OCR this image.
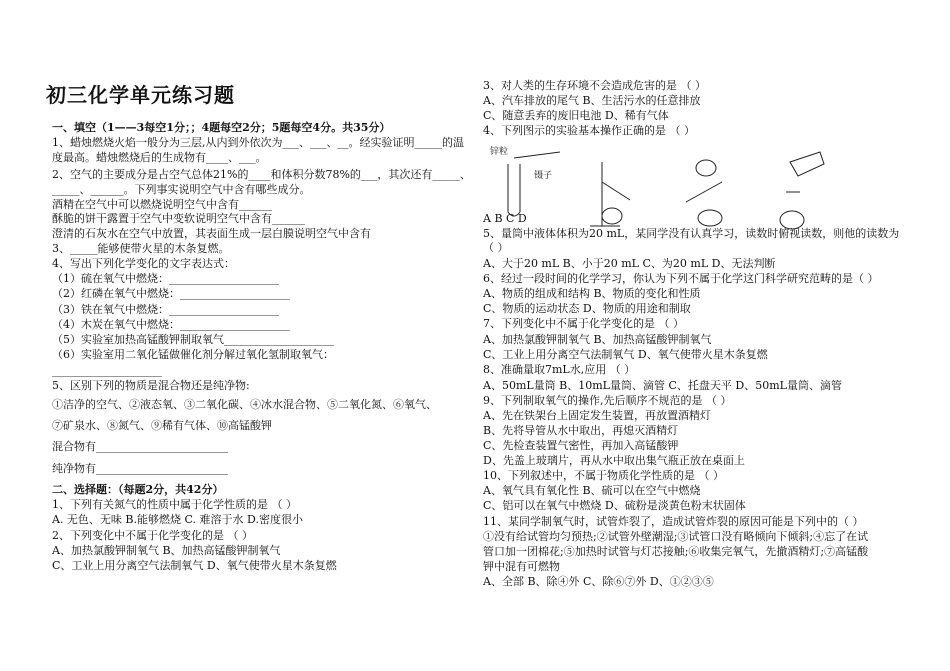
初三化学单元练习题
一、填空（1——3每空1分；；4题每空2分；5题每空4分。共35分）
1、蜡烛燃烧火焰一般分为三层,从内到外依次为___、___、__。经实验证明_____的温
度最高。蜡烛燃烧后的生成物有____、___。
2、空气的主要成分是占空气总体21%的____和体积分数78%的___，其次还有_____、
_____、______。下列事实说明空气中含有哪些成分。
酒精在空气中可以燃烧说明空气中含有______
酥脆的饼干露置于空气中变软说明空气中含有______
澄清的石灰水在空气中放置，其表面生成一层白膜说明空气中含有
3、_____能够使带火星的木条复燃。
4、写出下列化学变化的文字表达式：
（1）硫在氧气中燃烧：____________________
（2）红磷在氧气中燃烧：____________________
（3）铁在氧气中燃烧：____________________
（4）木炭在氧气中燃烧：____________________
（5）实验室加热高锰酸钾制取氧气____________________
（6）实验室用二氧化锰做催化剂分解过氧化氢制取氧气：
____________________
5、区别下列的物质是混合物还是纯净物:
①洁净的空气、②液态氧、③二氧化碳、④冰水混合物、⑤二氧化氮、⑥氧气、
⑦矿泉水、⑧氮气、⑨稀有气体、⑩高锰酸钾
混合物有________________________
纯净物有________________________
二、选择题：（每题2分，共42分）
1、下列有关氮气的性质中属于化学性质的是 （ ）
A. 无色、无味 B.能够燃烧 C. 难溶于水 D.密度很小
2、下列变化中不属于化学变化的是 （ ）
A、加热氯酸钾制氧气 B、加热高锰酸钾制氧气
C、工业上用分离空气法制氧气 D、氧气使带火星木条复燃
3、对人类的生存环境不会造成危害的是 （ ）
A、汽车排放的尾气 B、生活污水的任意排放
C、随意丢弃的废旧电池 D、稀有气体
4、下列图示的实验基本操作正确的是 （ ）
A B C D
5、量筒中液体体积为20 mL，某同学没有认真学习，读数时俯视读数，则他的读数为
（ ）
A、大于20 mL B、小于20 mL C、为20 mL D、无法判断
6、经过一段时间的化学学习，你认为下列不属于化学这门科学研究范畴的是（ ）
A、物质的组成和结构 B、物质的变化和性质
C、物质的运动状态 D、物质的用途和制取
7、下列变化中不属于化学变化的是 （ ）
A、加热氯酸钾制氧气 B、加热高锰酸钾制氧气
C、工业上用分离空气法制氧气 D、氧气使带火星木条复燃
8、准确量取7mL水,应用 （ ）
A、50mL量筒 B、10mL量筒、滴管 C、托盘天平 D、50mL量筒、滴管
9、下列制取氧气的操作,先后顺序不规范的是 （ ）
A、先在铁架台上固定发生装置，再放置酒精灯
B、先将导管从水中取出，再熄灭酒精灯
C、先检查装置气密性，再加入高锰酸钾
D、先盖上玻璃片，再从水中取出集气瓶正放在桌面上
10、下列叙述中，不属于物质化学性质的是 （ ）
A、氧气具有氧化性 B、硫可以在空气中燃烧
C、铝可以在氧气中燃烧 D、硫粉是淡黄色粉末状固体
11、某同学制氧气时，试管炸裂了，造成试管炸裂的原因可能是下列中的（ ）
①没有给试管均匀预热;②试管外壁潮湿;③试管口没有略倾向下倾斜;④忘了在试
管口加一团棉花;⑤加热时试管与灯芯接触;⑥收集完氧气，先撤酒精灯;⑦高锰酸
钾中混有可燃物
A、全部 B、除④外 C、除⑥⑦外 D、①②③⑤
锌粒
镊子
